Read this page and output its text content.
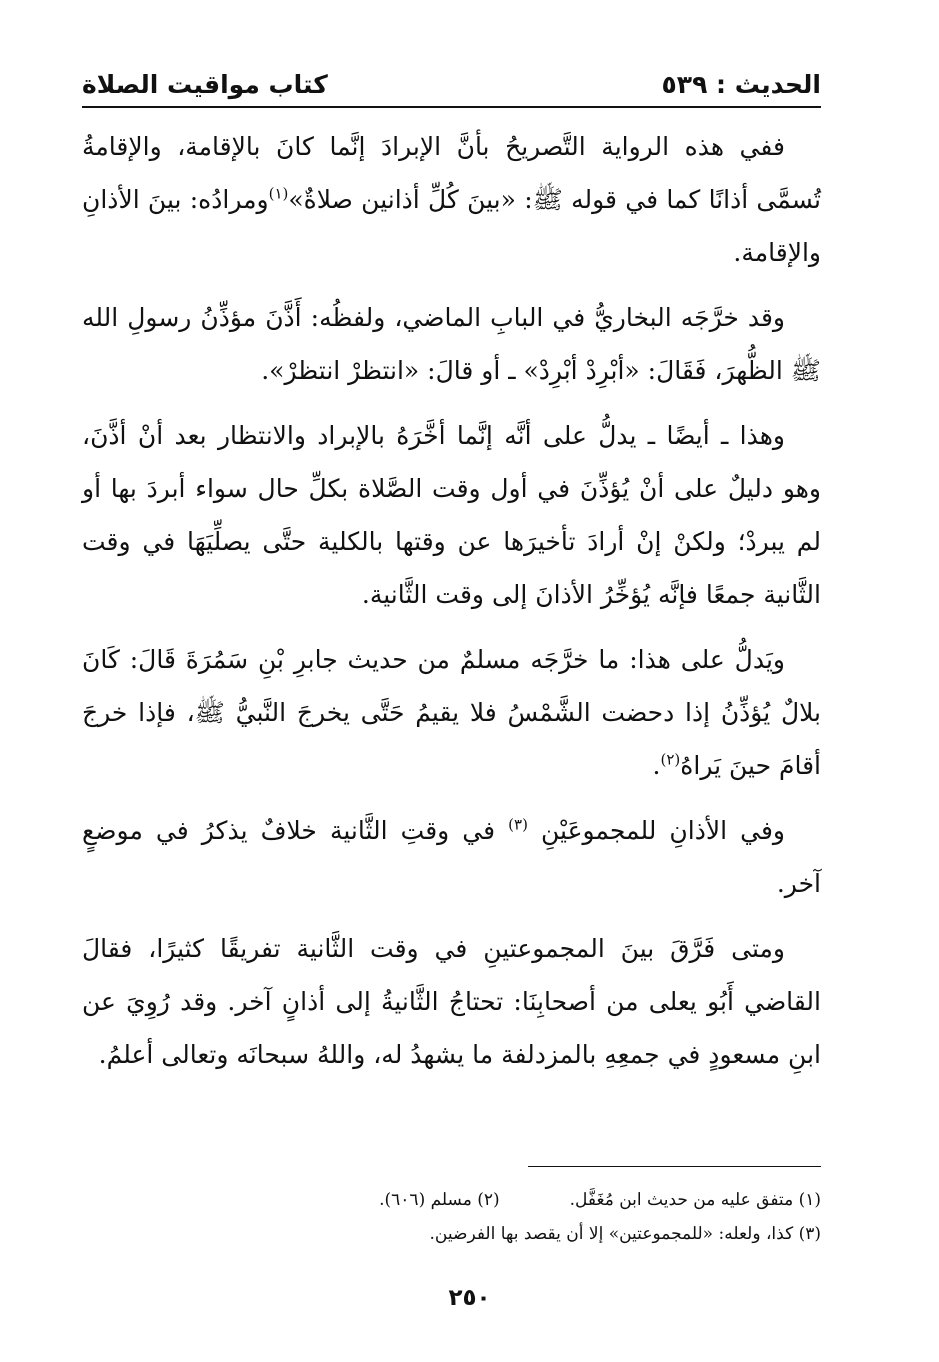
الحديث : ٥٣٩
كتاب مواقيت الصلاة

ففي هذه الرواية التَّصريحُ بأنَّ الإبرادَ إنَّما كانَ بالإقامة، والإقامةُ تُسمَّى أذانًا كما في قوله ﷺ: «بينَ كُلِّ أذانين صلاةٌ»$^{(١)}$ومرادُه: بينَ الأذانِ والإقامة.

وقد خرَّجَه البخاريُّ في البابِ الماضي، ولفظُه: أَذَّنَ مؤذِّنُ رسولِ الله ﷺ الظُّهرَ، فَقَالَ: «أبْرِدْ أبْرِدْ» ـ أو قالَ: «انتظرْ انتظرْ».

وهذا ـ أيضًا ـ يدلُّ على أنَّه إنَّما أخَّرَهُ بالإبراد والانتظار بعد أنْ أذَّنَ، وهو دليلٌ على أنْ يُؤذِّنَ في أول وقت الصَّلاة بكلِّ حال سواء أبردَ بها أو لم يبردْ؛ ولكنْ إنْ أرادَ تأخيرَها عن وقتها بالكلية حتَّى يصلِّيَهَا في وقت الثَّانية جمعًا فإنَّه يُؤخِّرُ الأذانَ إلى وقت الثَّانية.

ويَدلُّ على هذا: ما خرَّجَه مسلمٌ من حديث جابرِ بْنِ سَمُرَةَ قَالَ: كَانَ بلالٌ يُؤذِّنُ إذا دحضت الشَّمْسُ فلا يقيمُ حَتَّى يخرجَ النَّبيُّ ﷺ، فإذا خرجَ أقامَ حينَ يَراهُ$^{(٢)}$.

وفي الأذانِ للمجموعَيْنِ $^{(٣)}$ في وقتِ الثَّانية خلافٌ يذكرُ في موضعٍ آخر.

ومتى فَرَّقَ بينَ المجموعتينِ في وقت الثَّانية تفريقًا كثيرًا، فقالَ القاضي أَبُو يعلى من أصحابِنَا: تحتاجُ الثَّانيةُ إلى أذانٍ آخر. وقد رُوِيَ عن ابنِ مسعودٍ في جمعِهِ بالمزدلفة ما يشهدُ له، واللهُ سبحانَه وتعالى أعلمُ.

(١) متفق عليه من حديث ابن مُغَفَّل.
(٢) مسلم (٦٠٦).
(٣) كذا، ولعله: «للمجموعتين» إلا أن يقصد بها الفرضين.
٢٥٠
